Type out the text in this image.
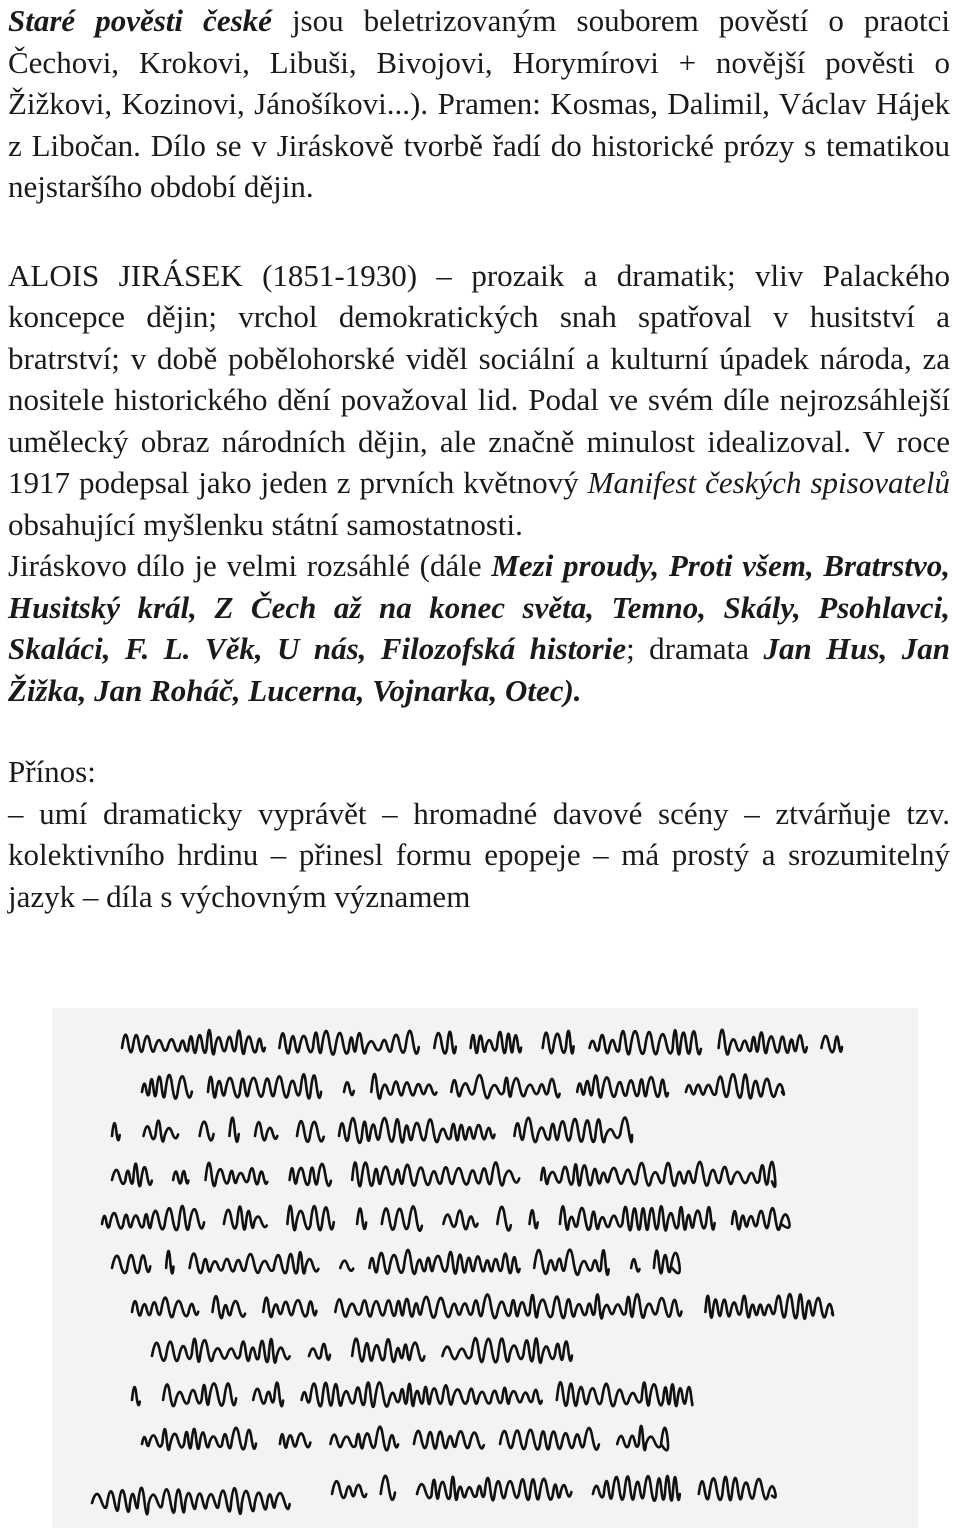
Staré pověsti české jsou beletrizovaným souborem pověstí o praotci Čechovi, Krokovi, Libuši, Bivojovi, Horymírovi + novější pověsti o Žižkovi, Kozinovi, Jánošíkovi...). Pramen: Kosmas, Dalimil, Václav Hájek z Libočan. Dílo se v Jiráskově tvorbě řadí do historické prózy s tematikou nejstaršího období dějin.

ALOIS JIRÁSEK (1851-1930) – prozaik a dramatik; vliv Palackého koncepce dějin; vrchol demokratických snah spatřoval v husitství a bratrství; v době pobělohorské viděl sociální a kulturní úpadek národa, za nositele historického dění považoval lid. Podal ve svém díle nejrozsáhlejší umělecký obraz národních dějin, ale značně minulost idealizoval. V roce 1917 podepsal jako jeden z prvních květnový Manifest českých spisovatelů obsahující myšlenku státní samostatnosti.

Jiráskovo dílo je velmi rozsáhlé (dále Mezi proudy, Proti všem, Bratrstvo, Husitský král, Z Čech až na konec světa, Temno, Skály, Psohlavci, Skaláci, F. L. Věk, U nás, Filozofská historie; dramata Jan Hus, Jan Žižka, Jan Roháč, Lucerna, Vojnarka, Otec).

Přínos:

– umí dramaticky vyprávět – hromadné davové scény – ztvárňuje tzv. kolektivního hrdinu – přinesl formu epopeje – má prostý a srozumitelný jazyk – díla s výchovným významem
